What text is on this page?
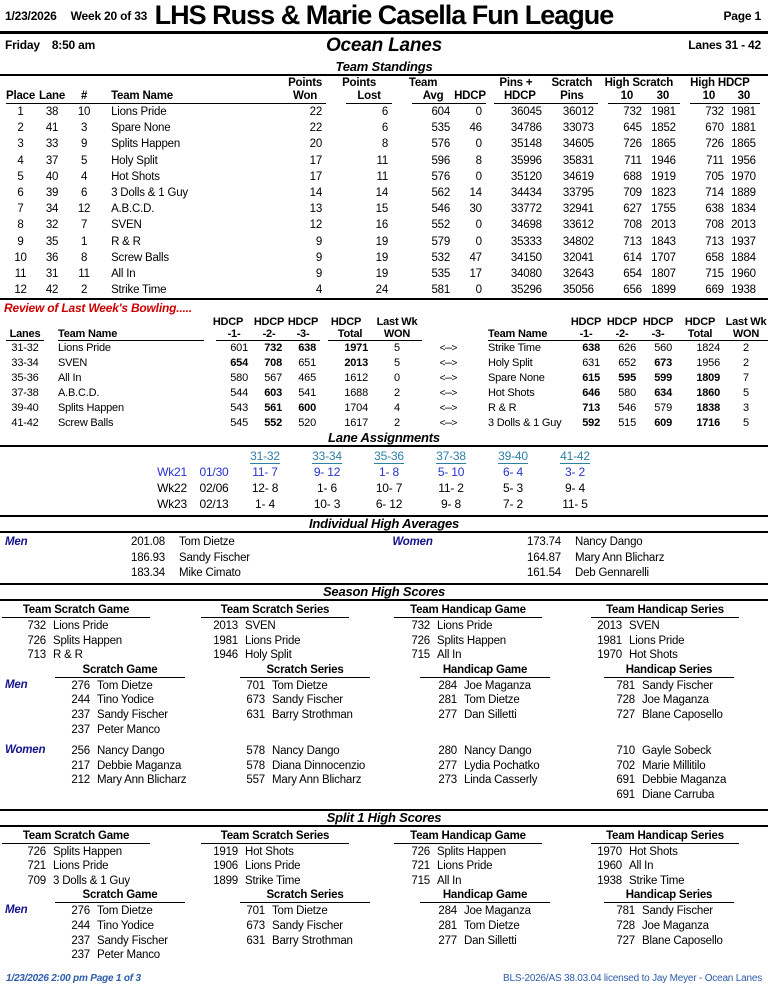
1/23/2026 Week 20 of 33 LHS Russ & Marie Casella Fun League	Page 1
Friday 8:50 am	Ocean Lanes	Lanes 31 - 42
Team Standings
				Points	Points	Team		Pins +	Scratch	High Scratch		High HDCP	

Place	Lane	#	Team Name	Won	Lost	Avg	HDCP	HDCP	Pins	10	30	10	30

1	38	10	Lions Pride	22	6	604	0	36045	36012	732	1981	732	1981
2	41	3	Spare None	22	6	535	46	34786	33073	645	1852	670	1881
3	33	9	Splits Happen	20	8	576	0	35148	34605	726	1865	726	1865
4	37	5	Holy Split	17	11	596	8	35996	35831	711	1946	711	1956
5	40	4	Hot Shots	17	11	576	0	35120	34619	688	1919	705	1970
6	39	6	3 Dolls & 1 Guy	14	14	562	14	34434	33795	709	1823	714	1889
7	34	12	A.B.C.D.	13	15	546	30	33772	32941	627	1755	638	1834
8	32	7	SVEN	12	16	552	0	34698	33612	708	2013	708	2013
9	35	1	R & R	9	19	579	0	35333	34802	713	1843	713	1937
10	36	8	Screw Balls	9	19	532	47	34150	32041	614	1707	658	1884
11	31	11	All In	9	19	535	17	34080	32643	654	1807	715	1960
12	42	2	Strike Time	4	24	581	0	35296	35056	656	1899	669	1938
Review of Last Week's Bowling.....
		HDCP	HDCP	HDCP	HDCP	Last Wk			HDCP	HDCP	HDCP	HDCP	Last Wk

Lanes	Team Name	-1-	-2-	-3-	Total	WON		Team Name	-1-	-2-	-3-	Total	WON

31-32	Lions Pride	601	732	638	1971	5	<--->	Strike Time	638	626	560	1824	2
33-34	SVEN	654	708	651	2013	5	<--->	Holy Split	631	652	673	1956	2
35-36	All In	580	567	465	1612	0	<--->	Spare None	615	595	599	1809	7
37-38	A.B.C.D.	544	603	541	1688	2	<--->	Hot Shots	646	580	634	1860	5
39-40	Splits Happen	543	561	600	1704	4	<--->	R & R	713	546	579	1838	3
41-42	Screw Balls	545	552	520	1617	2	<--->	3 Dolls & 1 Guy	592	515	609	1716	5
Lane Assignments
		31-32	33-34	35-36	37-38	39-40	41-42
Wk21	01/30	11- 7	9- 12	1- 8	5- 10	6- 4	3- 2
Wk22	02/06	12- 8	1- 6	10- 7	11- 2	5- 3	9- 4
Wk23	02/13	1- 4	10- 3	6- 12	9- 8	7- 2	11- 5
Individual High Averages
Men	201.08	Tom Dietze	Women	173.74	Nancy Dango
186.93	Sandy Fischer	164.87	Mary Ann Blicharz
183.34	Mike Cimato	161.54	Deb Gennarelli
Season High Scores
Team Scratch Game	Team Scratch Series	Team Handicap Game	Team Handicap Series
732 Lions Pride	2013 SVEN	732 Lions Pride	2013 SVEN
726 Splits Happen	1981 Lions Pride	726 Splits Happen	1981 Lions Pride
713 R & R	1946 Holy Split	715 All In	1970 Hot Shots
Scratch Game	Scratch Series	Handicap Game	Handicap Series
Men	276 Tom Dietze	701 Tom Dietze	284 Joe Maganza	781 Sandy Fischer
244 Tino Yodice	673 Sandy Fischer	281 Tom Dietze	728 Joe Maganza
237 Sandy Fischer	631 Barry Strothman	277 Dan Silletti	727 Blane Caposello
237 Peter Manco
Women	256 Nancy Dango	578 Nancy Dango	280 Nancy Dango	710 Gayle Sobeck
217 Debbie Maganza	578 Diana Dinnocenzio	277 Lydia Pochatko	702 Marie Millitilo
212 Mary Ann Blicharz	557 Mary Ann Blicharz	273 Linda Casserly	691 Debbie Maganza
691 Diane Carruba
Split 1 High Scores
Team Scratch Game	Team Scratch Series	Team Handicap Game	Team Handicap Series
726 Splits Happen	1919 Hot Shots	726 Splits Happen	1970 Hot Shots
721 Lions Pride	1906 Lions Pride	721 Lions Pride	1960 All In
709 3 Dolls & 1 Guy	1899 Strike Time	715 All In	1938 Strike Time
Scratch Game	Scratch Series	Handicap Game	Handicap Series
Men	276 Tom Dietze	701 Tom Dietze	284 Joe Maganza	781 Sandy Fischer
244 Tino Yodice	673 Sandy Fischer	281 Tom Dietze	728 Joe Maganza
237 Sandy Fischer	631 Barry Strothman	277 Dan Silletti	727 Blane Caposello
237 Peter Manco
1/23/2026 2:00 pm Page 1 of 3	BLS-2026/AS 38.03.04 licensed to Jay Meyer - Ocean Lanes
